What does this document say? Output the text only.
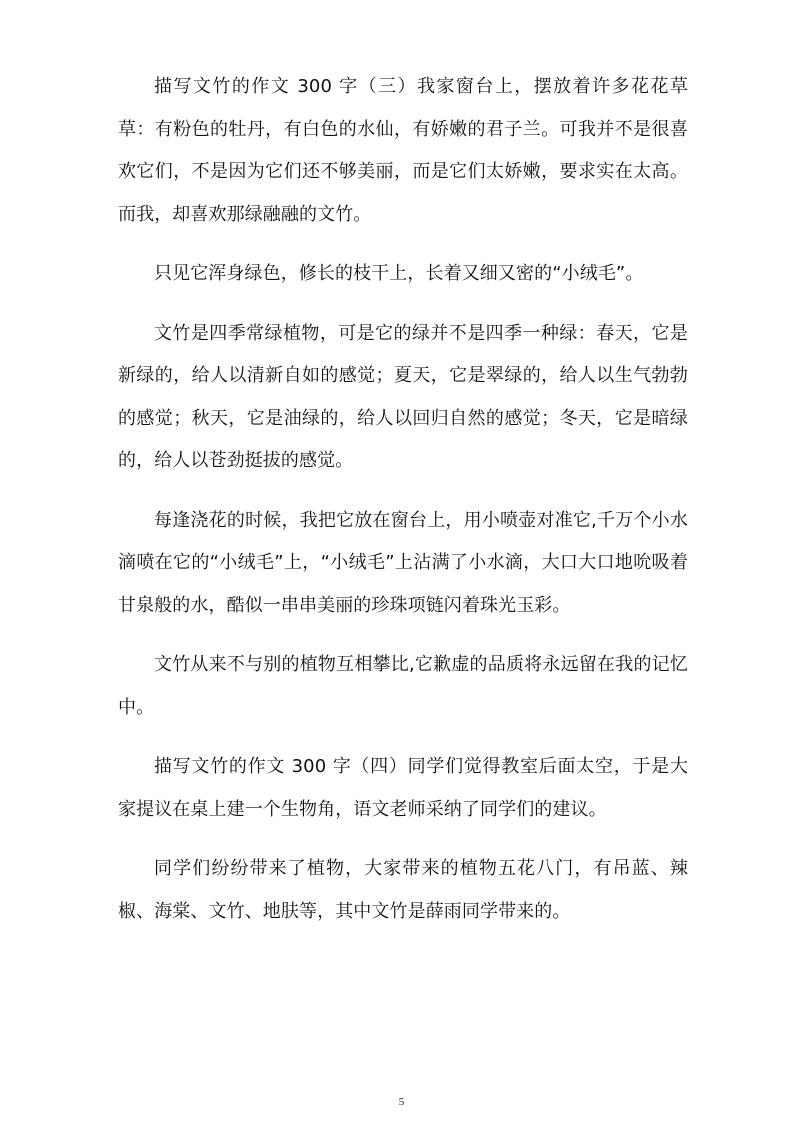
描写文竹的作文 300 字（三）我家窗台上，摆放着许多花花草草：有粉色的牡丹，有白色的水仙，有娇嫩的君子兰。可我并不是很喜欢它们，不是因为它们还不够美丽，而是它们太娇嫩，要求实在太高。而我，却喜欢那绿融融的文竹。

只见它浑身绿色，修长的枝干上，长着又细又密的“小绒毛”。

文竹是四季常绿植物，可是它的绿并不是四季一种绿：春天，它是新绿的，给人以清新自如的感觉；夏天，它是翠绿的，给人以生气勃勃的感觉；秋天，它是油绿的，给人以回归自然的感觉；冬天，它是暗绿的，给人以苍劲挺拔的感觉。

每逢浇花的时候，我把它放在窗台上，用小喷壶对准它,千万个小水滴喷在它的“小绒毛”上，“小绒毛”上沾满了小水滴，大口大口地吮吸着甘泉般的水，酷似一串串美丽的珍珠项链闪着珠光玉彩。

文竹从来不与别的植物互相攀比,它歉虚的品质将永远留在我的记忆中。

描写文竹的作文 300 字（四）同学们觉得教室后面太空，于是大家提议在桌上建一个生物角，语文老师采纳了同学们的建议。

同学们纷纷带来了植物，大家带来的植物五花八门，有吊蓝、辣椒、海棠、文竹、地肤等，其中文竹是薛雨同学带来的。

5
